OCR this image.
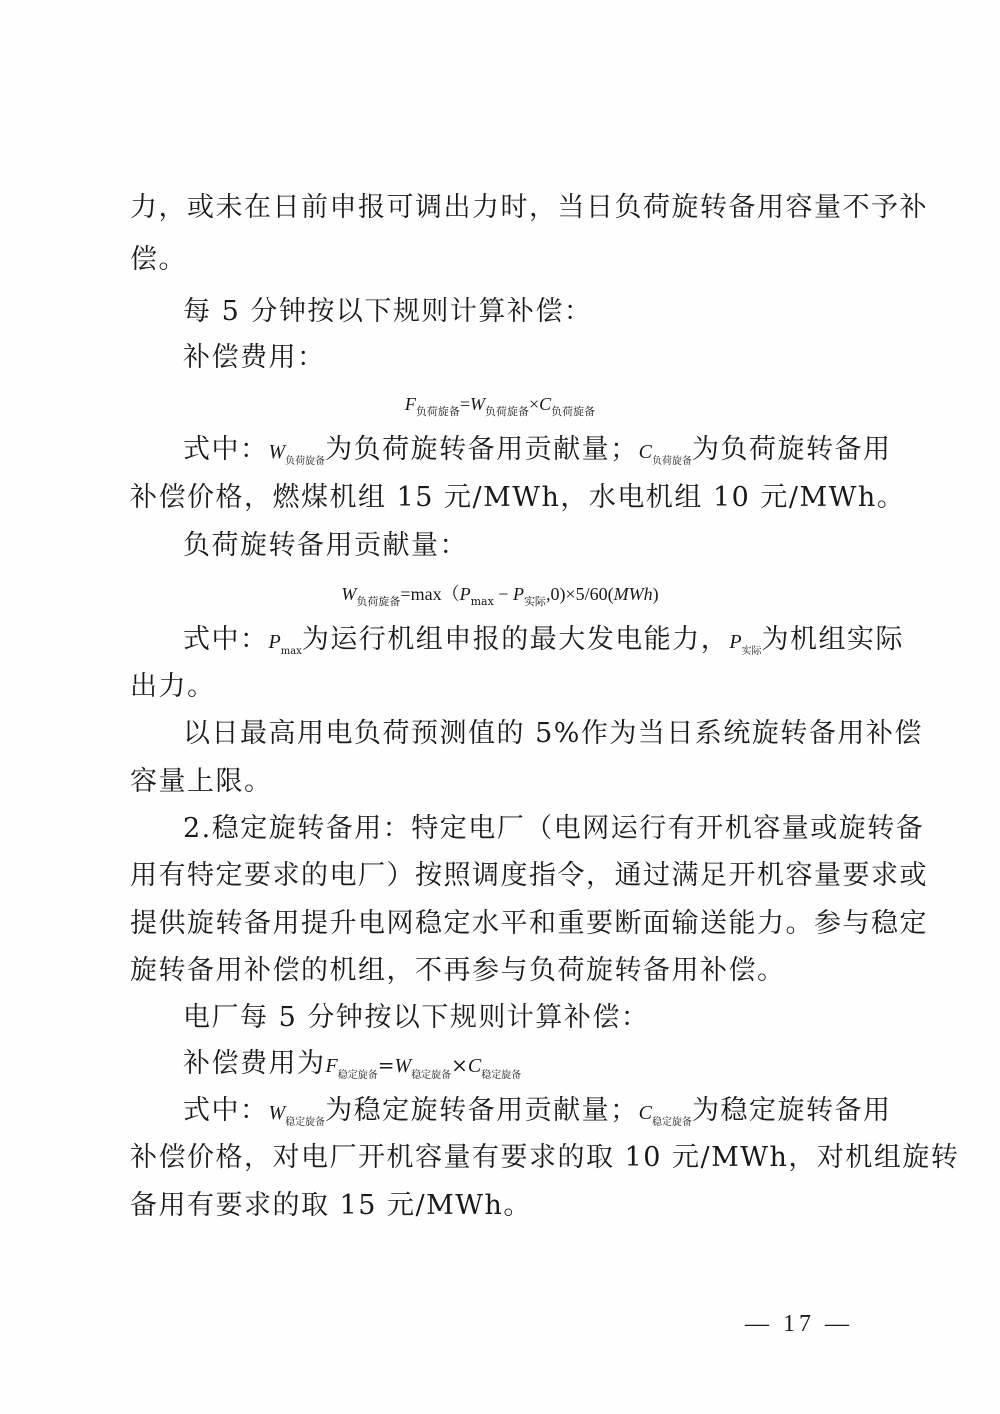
力，或未在日前申报可调出力时，当日负荷旋转备用容量不予补
偿。
每 5 分钟按以下规则计算补偿：
补偿费用：
$F_{负荷旋备}=W_{负荷旋备}\times C_{负荷旋备}$
式中：$W_{负荷旋备}$为负荷旋转备用贡献量；$C_{负荷旋备}$为负荷旋转备用
补偿价格，燃煤机组 15 元/MWh，水电机组 10 元/MWh。
负荷旋转备用贡献量：
$W_{负荷旋备}=\max(P_{max} - P_{实际},0)\times 5/60(MWh)$
式中：$P_{max}$为运行机组申报的最大发电能力，$P_{实际}$为机组实际
出力。
以日最高用电负荷预测值的 5%作为当日系统旋转备用补偿
容量上限。
2.稳定旋转备用：特定电厂（电网运行有开机容量或旋转备
用有特定要求的电厂）按照调度指令，通过满足开机容量要求或
提供旋转备用提升电网稳定水平和重要断面输送能力。参与稳定
旋转备用补偿的机组，不再参与负荷旋转备用补偿。
电厂每 5 分钟按以下规则计算补偿：
补偿费用为$F_{稳定旋备}=W_{稳定旋备}\times C_{稳定旋备}$
式中：$W_{稳定旋备}$为稳定旋转备用贡献量；$C_{稳定旋备}$为稳定旋转备用
补偿价格，对电厂开机容量有要求的取 10 元/MWh，对机组旋转
备用有要求的取 15 元/MWh。
— 17 —
